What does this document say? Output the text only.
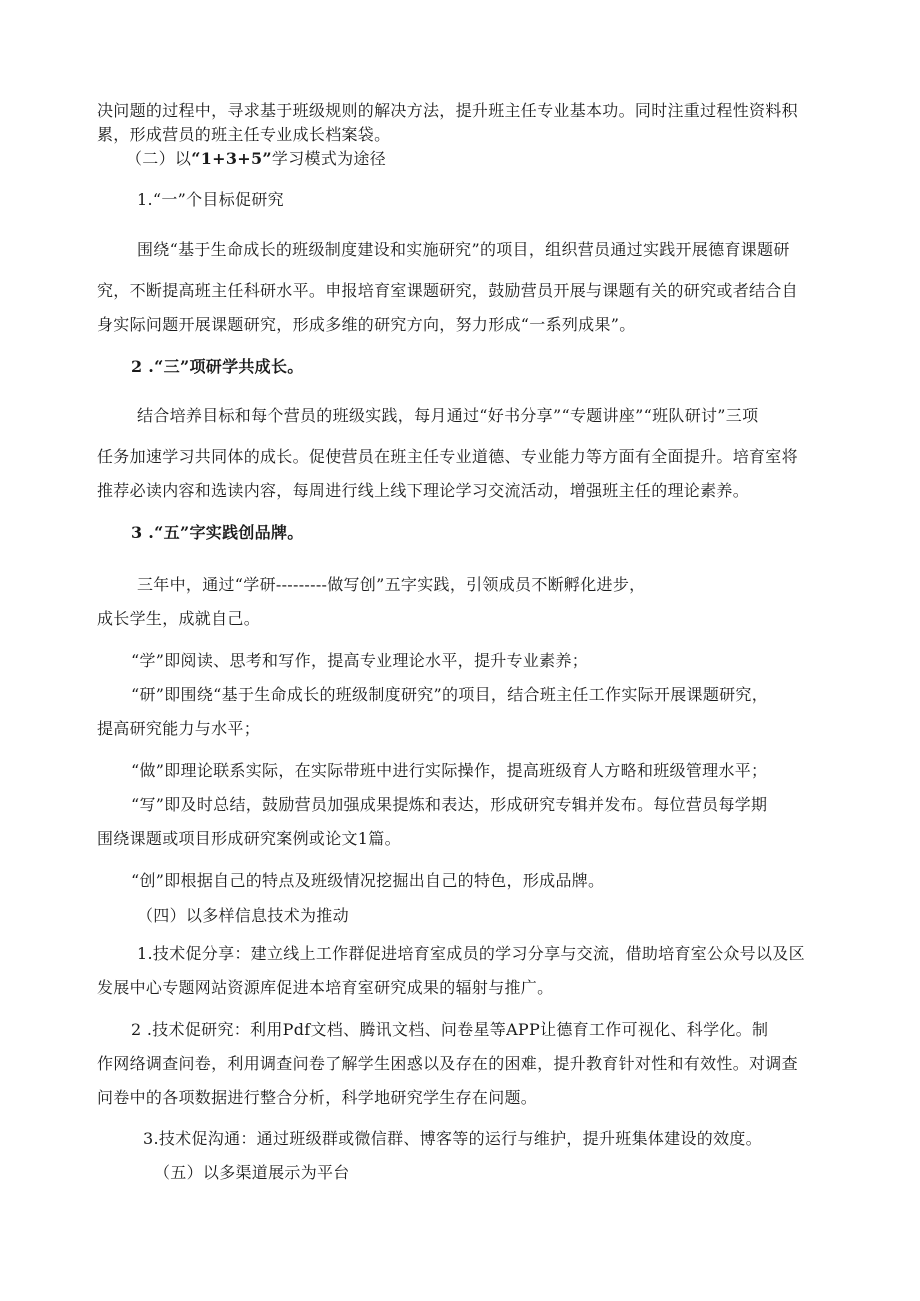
决问题的过程中，寻求基于班级规则的解决方法，提升班主任专业基本功。同时注重过程性资料积

累，形成营员的班主任专业成长档案袋。

（二）以“1+3+5”学习模式为途径

1.“一”个目标促研究

围绕“基于生命成长的班级制度建设和实施研究”的项目，组织营员通过实践开展德育课题研

究，不断提高班主任科研水平。申报培育室课题研究，鼓励营员开展与课题有关的研究或者结合自

身实际问题开展课题研究，形成多维的研究方向，努力形成“一系列成果”。

2 .“三”项研学共成长。

结合培养目标和每个营员的班级实践，每月通过“好书分享”“专题讲座”“班队研讨”三项

任务加速学习共同体的成长。促使营员在班主任专业道德、专业能力等方面有全面提升。培育室将

推荐必读内容和选读内容，每周进行线上线下理论学习交流活动，增强班主任的理论素养。

3 .“五”字实践创品牌。

三年中，通过“学研---------做写创”五字实践，引领成员不断孵化进步，

成长学生，成就自己。

“学”即阅读、思考和写作，提高专业理论水平，提升专业素养；

“研”即围绕“基于生命成长的班级制度研究”的项目，结合班主任工作实际开展课题研究，

提高研究能力与水平；

“做”即理论联系实际，在实际带班中进行实际操作，提高班级育人方略和班级管理水平；

“写”即及时总结，鼓励营员加强成果提炼和表达，形成研究专辑并发布。每位营员每学期

围绕课题或项目形成研究案例或论文1篇。

“创”即根据自己的特点及班级情况挖掘出自己的特色，形成品牌。

（四）以多样信息技术为推动

1.技术促分享：建立线上工作群促进培育室成员的学习分享与交流，借助培育室公众号以及区

发展中心专题网站资源库促进本培育室研究成果的辐射与推广。

2 .技术促研究：利用Pdf文档、腾讯文档、问卷星等APP让德育工作可视化、科学化。制

作网络调查问卷，利用调查问卷了解学生困惑以及存在的困难，提升教育针对性和有效性。对调查

问卷中的各项数据进行整合分析，科学地研究学生存在问题。

3.技术促沟通：通过班级群或微信群、博客等的运行与维护，提升班集体建设的效度。

（五）以多渠道展示为平台
